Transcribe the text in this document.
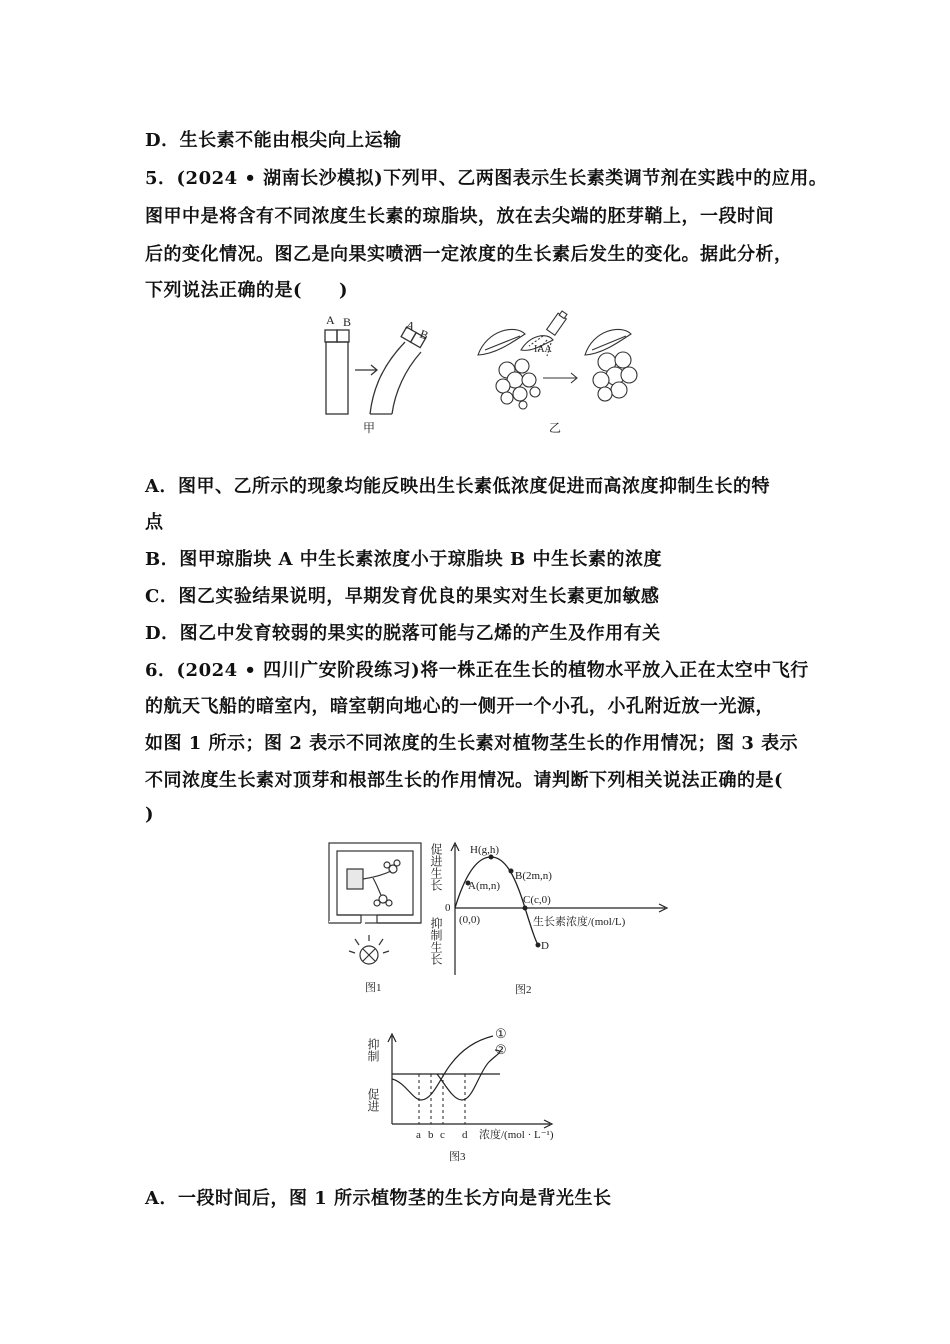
D．生长素不能由根尖向上运输
5．(2024 • 湖南长沙模拟)下列甲、乙两图表示生长素类调节剂在实践中的应用。
图甲中是将含有不同浓度生长素的琼脂块，放在去尖端的胚芽鞘上，一段时间
后的变化情况。图乙是向果实喷洒一定浓度的生长素后发生的变化。据此分析，
下列说法正确的是(　　)
A B	A
B
甲
IAA
乙
A．图甲、乙所示的现象均能反映出生长素低浓度促进而高浓度抑制生长的特
点
B．图甲琼脂块 A 中生长素浓度小于琼脂块 B 中生长素的浓度
C．图乙实验结果说明，早期发育优良的果实对生长素更加敏感
D．图乙中发育较弱的果实的脱落可能与乙烯的产生及作用有关
6．(2024 • 四川广安阶段练习)将一株正在生长的植物水平放入正在太空中飞行
的航天飞船的暗室内，暗室朝向地心的一侧开一个小孔，小孔附近放一光源，
如图 1 所示；图 2 表示不同浓度的生长素对植物茎生长的作用情况；图 3 表示
不同浓度生长素对顶芽和根部生长的作用情况。请判断下列相关说法正确的是(
)
图1
促进生长
抑制生长
0
(0,0)
H(g,h)
A(m,n)
B(2m,n)
C(c,0)
D
生长素浓度/(mol/L)
图2
抑制
促进
①
②
a b c d 浓度/(mol · L⁻¹)
图3
A．一段时间后，图 1 所示植物茎的生长方向是背光生长
